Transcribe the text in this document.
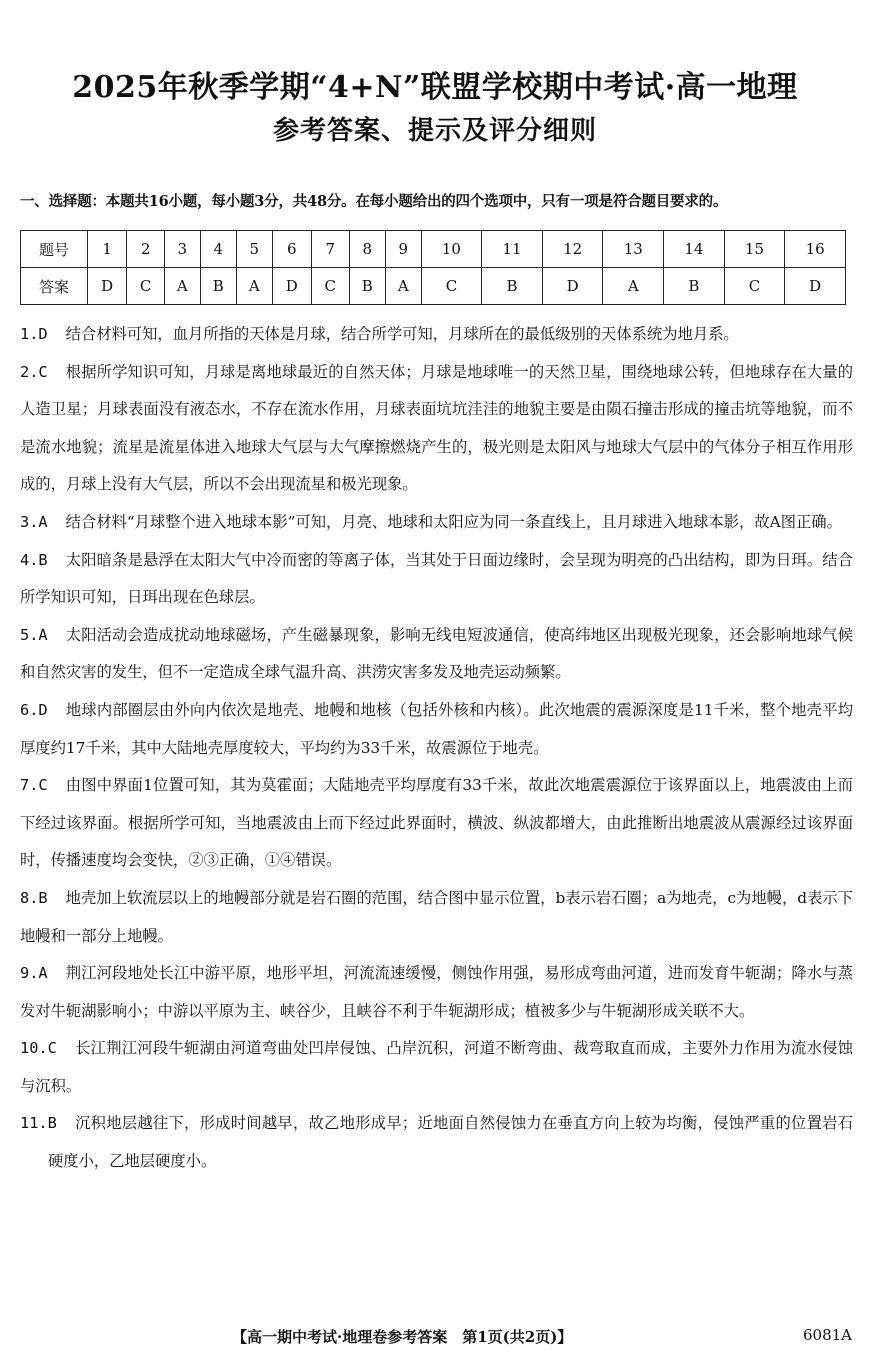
2025年秋季学期“4+N”联盟学校期中考试·高一地理
参考答案、提示及评分细则
一、选择题：本题共16小题，每小题3分，共48分。在每小题给出的四个选项中，只有一项是符合题目要求的。
题号	1	2	3	4	5	6	7	8	9	10	11	12	13	14	15	16
答案	D	C	A	B	A	D	C	B	A	C	B	D	A	B	C	D

1.D 结合材料可知，血月所指的天体是月球，结合所学可知，月球所在的最低级别的天体系统为地月系。

2.C 根据所学知识可知，月球是离地球最近的自然天体；月球是地球唯一的天然卫星，围绕地球公转，但地球存在大量的人造卫星；月球表面没有液态水，不存在流水作用，月球表面坑坑洼洼的地貌主要是由陨石撞击形成的撞击坑等地貌，而不是流水地貌；流星是流星体进入地球大气层与大气摩擦燃烧产生的，极光则是太阳风与地球大气层中的气体分子相互作用形成的，月球上没有大气层，所以不会出现流星和极光现象。

3.A 结合材料“月球整个进入地球本影”可知，月亮、地球和太阳应为同一条直线上，且月球进入地球本影，故A图正确。

4.B 太阳暗条是悬浮在太阳大气中冷而密的等离子体，当其处于日面边缘时，会呈现为明亮的凸出结构，即为日珥。结合所学知识可知，日珥出现在色球层。

5.A 太阳活动会造成扰动地球磁场，产生磁暴现象，影响无线电短波通信，使高纬地区出现极光现象，还会影响地球气候和自然灾害的发生，但不一定造成全球气温升高、洪涝灾害多发及地壳运动频繁。

6.D 地球内部圈层由外向内依次是地壳、地幔和地核（包括外核和内核）。此次地震的震源深度是11千米，整个地壳平均厚度约17千米，其中大陆地壳厚度较大，平均约为33千米，故震源位于地壳。

7.C 由图中界面1位置可知，其为莫霍面；大陆地壳平均厚度有33千米，故此次地震震源位于该界面以上，地震波由上而下经过该界面。根据所学可知，当地震波由上而下经过此界面时，横波、纵波都增大，由此推断出地震波从震源经过该界面时，传播速度均会变快，②③正确，①④错误。

8.B 地壳加上软流层以上的地幔部分就是岩石圈的范围，结合图中显示位置，b表示岩石圈；a为地壳，c为地幔，d表示下地幔和一部分上地幔。

9.A 荆江河段地处长江中游平原，地形平坦，河流流速缓慢，侧蚀作用强，易形成弯曲河道，进而发育牛轭湖；降水与蒸发对牛轭湖影响小；中游以平原为主、峡谷少，且峡谷不利于牛轭湖形成；植被多少与牛轭湖形成关联不大。

10.C 长江荆江河段牛轭湖由河道弯曲处凹岸侵蚀、凸岸沉积，河道不断弯曲、裁弯取直而成，主要外力作用为流水侵蚀与沉积。

11.B 沉积地层越往下，形成时间越早，故乙地形成早；近地面自然侵蚀力在垂直方向上较为均衡，侵蚀严重的位置岩石硬度小，乙地层硬度小。

【高一期中考试·地理卷参考答案　第1页(共2页)】	6081A
